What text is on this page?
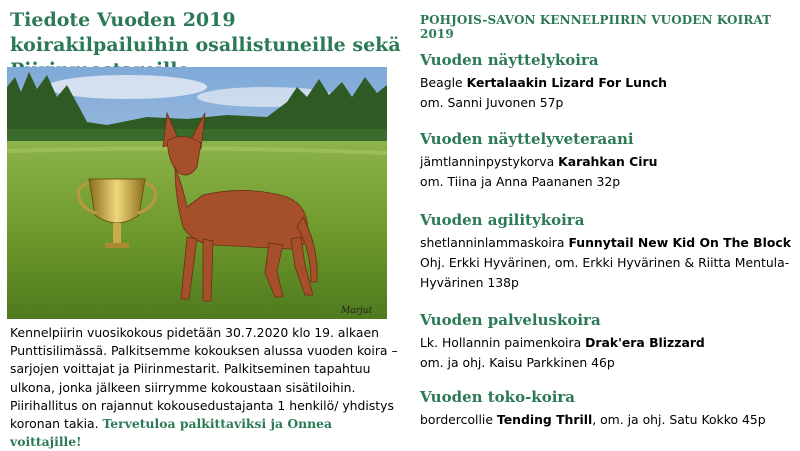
Tiedote Vuoden 2019 koirakilpailuihin osallistuneille sekä
Marjut

Kennelpiirin vuosikokous pidetään 30.7.2020 klo 19. alkaen Punttisilimässä. Palkitsemme kokouksen alussa vuoden koira – sarjojen voittajat ja Piirinmestarit. Palkitseminen tapahtuu ulkona, jonka jälkeen siirrymme kokoustaan sisätiloihin. Piirihallitus on rajannut kokousedustajanta 1 henkilö/ yhdistys koronan takia. Tervetuloa palkittaviksi ja Onnea voittajille!

POHJOIS-SAVON KENNELPIIRIN VUODEN KOIRAT 2019

Vuoden näyttelykoira

Beagle Kertalaakin Lizard For Lunch

om. Sanni Juvonen 57p

Vuoden näyttelyveteraani

jämtlanninpystykorva Karahkan Ciru

om. Tiina ja Anna Paananen 32p

Vuoden agilitykoira

shetlanninlammaskoira Funnytail New Kid On The Block

Ohj. Erkki Hyvärinen, om. Erkki Hyvärinen & Riitta Mentula-Hyvärinen 138p

Vuoden palveluskoira

Lk. Hollannin paimenkoira Drak'era Blizzard

om. ja ohj. Kaisu Parkkinen 46p

Vuoden toko-koira

bordercollie Tending Thrill, om. ja ohj. Satu Kokko 45p
